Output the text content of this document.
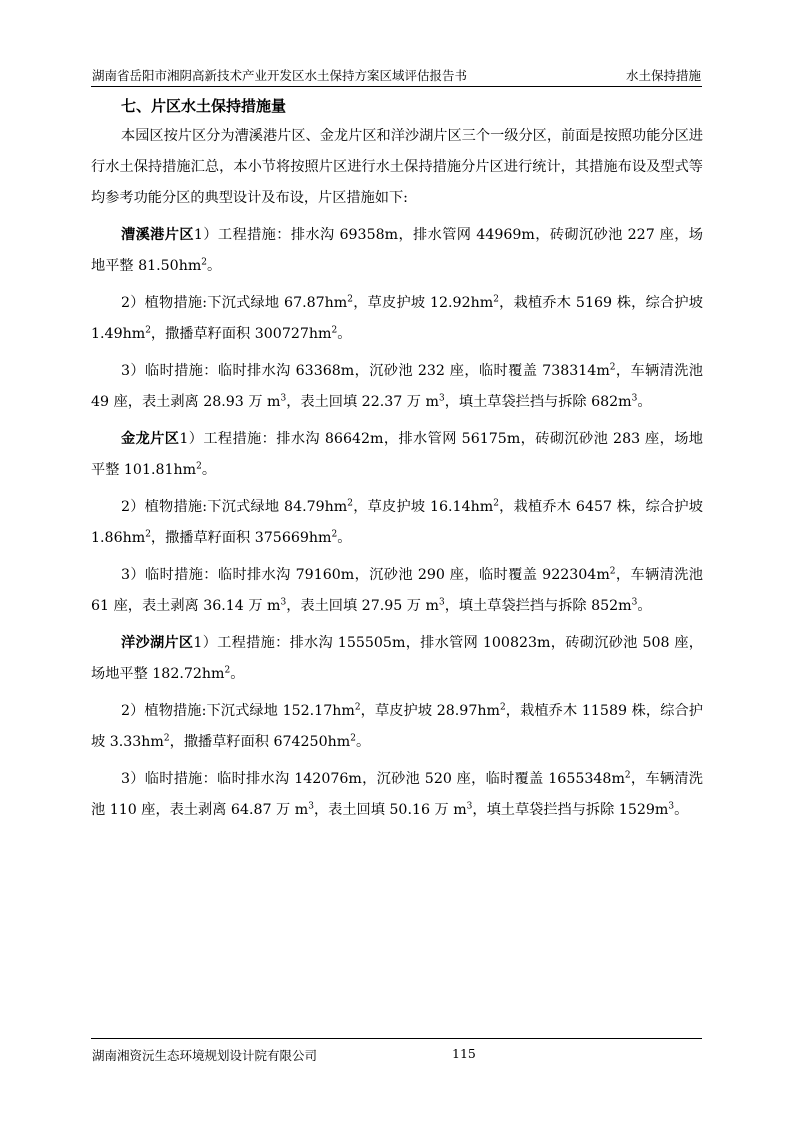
湖南省岳阳市湘阴高新技术产业开发区水土保持方案区域评估报告书	水土保持措施
七、片区水土保持措施量

本园区按片区分为漕溪港片区、金龙片区和洋沙湖片区三个一级分区，前面是按照功能分区进行水土保持措施汇总，本小节将按照片区进行水土保持措施分片区进行统计，其措施布设及型式等均参考功能分区的典型设计及布设，片区措施如下:

漕溪港片区1）工程措施：排水沟 69358m，排水管网 44969m，砖砌沉砂池 227 座，场地平整 $81.50hm^2$。

2）植物措施:下沉式绿地 $67.87hm^2$，草皮护坡 $12.92hm^2$，栽植乔木 5169 株，综合护坡 $1.49hm^2$，撒播草籽面积 $300727hm^2$。

3）临时措施：临时排水沟 63368m，沉砂池 232 座，临时覆盖 $738314m^2$，车辆清洗池 49 座，表土剥离 28.93 万 $m^3$，表土回填 22.37 万 $m^3$，填土草袋拦挡与拆除 $682m^3$。

金龙片区1）工程措施：排水沟 86642m，排水管网 56175m，砖砌沉砂池 283 座，场地平整 $101.81hm^2$。

2）植物措施:下沉式绿地 $84.79hm^2$，草皮护坡 $16.14hm^2$，栽植乔木 6457 株，综合护坡 $1.86hm^2$，撒播草籽面积 $375669hm^2$。

3）临时措施：临时排水沟 79160m，沉砂池 290 座，临时覆盖 $922304m^2$，车辆清洗池 61 座，表土剥离 36.14 万 $m^3$，表土回填 27.95 万 $m^3$，填土草袋拦挡与拆除 $852m^3$。

洋沙湖片区1）工程措施：排水沟 155505m，排水管网 100823m，砖砌沉砂池 508 座，场地平整 $182.72hm^2$。

2）植物措施:下沉式绿地 $152.17hm^2$，草皮护坡 $28.97hm^2$，栽植乔木 11589 株，综合护坡 $3.33hm^2$，撒播草籽面积 $674250hm^2$。

3）临时措施：临时排水沟 142076m，沉砂池 520 座，临时覆盖 $1655348m^2$，车辆清洗池 110 座，表土剥离 64.87 万 $m^3$，表土回填 50.16 万 $m^3$，填土草袋拦挡与拆除 $1529m^3$。

湖南湘资沅生态环境规划设计院有限公司	115
